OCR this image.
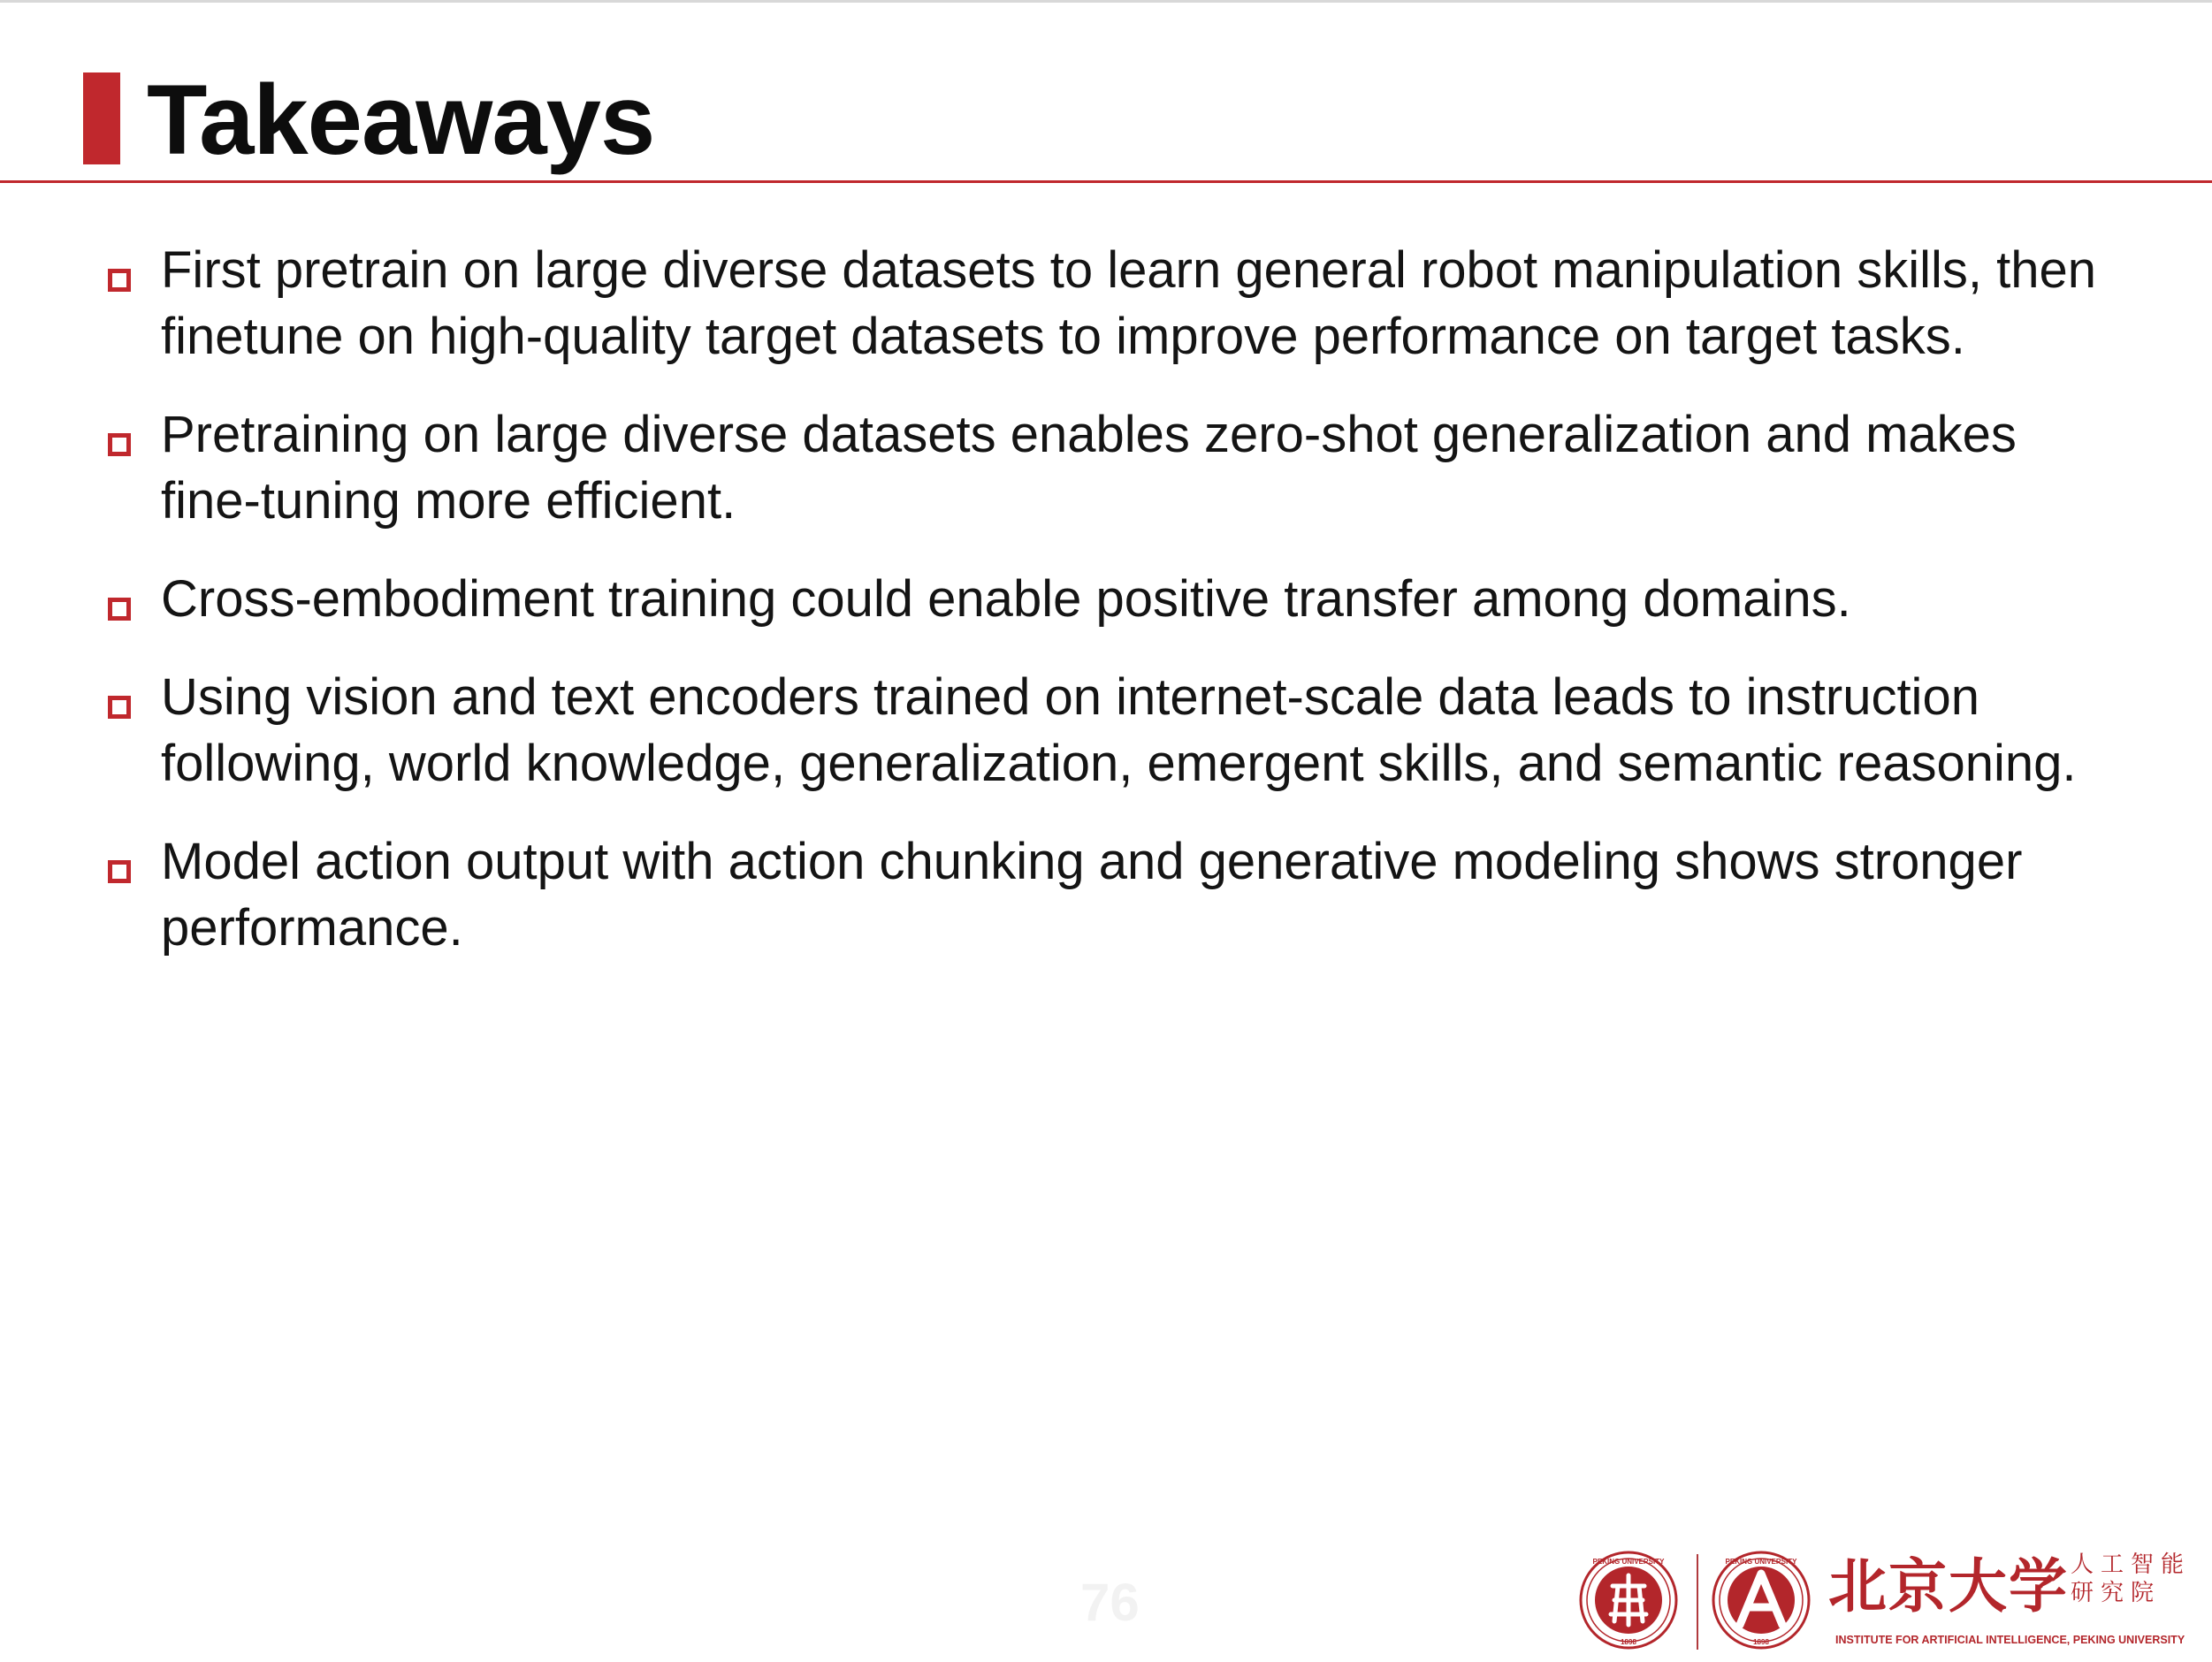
Takeaways
First pretrain on large diverse datasets to learn general robot manipulation skills, then finetune on high-quality target datasets to improve performance on target tasks.
Pretraining on large diverse datasets enables zero-shot generalization and makes fine-tuning more efficient.
Cross-embodiment training could enable positive transfer among domains.
Using vision and text encoders trained on internet-scale data leads to instruction following, world knowledge, generalization, emergent skills, and semantic reasoning.
Model action output with action chunking and generative modeling shows stronger performance.
76
PEKING UNIVERSITY
1898
PEKING UNIVERSITY
1898
北京大学 人工智能研究院
INSTITUTE FOR ARTIFICIAL INTELLIGENCE, PEKING UNIVERSITY
